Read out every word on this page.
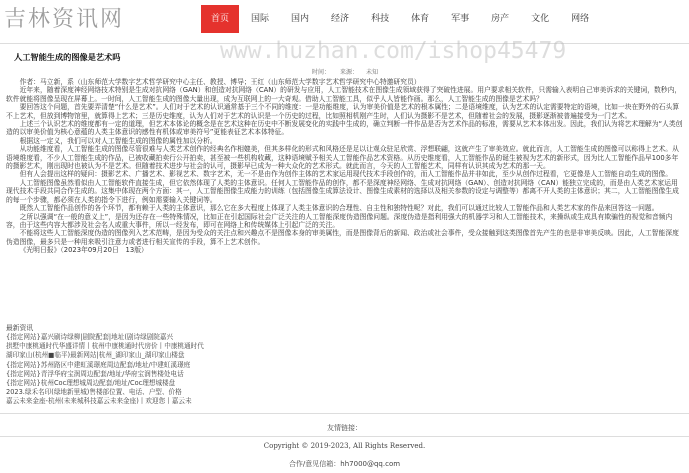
吉林资讯网	首页	国际	国内	经济	科技	体育	军事	房产	文化	网络
www.huzhan.com/ishop45479
人工智能生成的图像是艺术吗
时间： 来源： 未知

作者：马立新，系（山东师范大学数字艺术哲学研究中心主任、教授、博导；王红（山东师范大学数字艺术哲学研究中心特邀研究员）

近年来，随着深度神经网络技术特别是生成对抗网络（GAN）和创造对抗网络（CAN）的研发与应用，人工智能技术在图像生成领域获得了突破性进展。用户要求相关软件，只需输入表明自己审美诉求的关键词，数秒内，软件就能将图像呈现在屏幕上。一时间，人工智能生成的图像大量出现，成为互联网上的一大奇观。借助人工智能工具，似乎人人皆能作画。那么，人工智能生成的图像是艺术吗？

要回答这个问题，首先要弄清楚“什么是艺术”。人们对于艺术的认识通常基于三个不同的维度：一是功能维度，认为审美价值是艺术的根本属性；二是语境维度，认为艺术的认定需要特定的语境，比如一块在野外的石头算不上艺术，但放到博物馆里，就算得上艺术；三是历史维度，认为人们对于艺术的认识是一个历史的过程，比如照相机刚产生时，人们认为摄影不是艺术，但随着社会的发展，摄影逐渐被普遍接受为一门艺术。

上述三个认识艺术的维度都有一定的道理，但艺术本体论的概念是在艺术这种在历史中不断发展变化的实践中生成的，确立判断一件作品是否为艺术作品的标准，需要从艺术本体出发。因此，我们认为将艺术理解为“人类创造的以审美价值为核心意蕴的人类主体意识的感性有机体或审美符号”更能表征艺术本体特征。

根据这一定义，我们可以对人工智能生成的图像的属性加以分析。

从功能维度看，人工智能生成的图像尽管很难与人类艺术创作的经典名作相媲美，但其多样化的形式和风格还是足以让观众驻足欣赏、浮想联翩，这就产生了审美效应。就此而言，人工智能生成的图像可以称得上艺术。从语境维度看，不少人工智能生成的作品，已被收藏拍卖行公开拍卖，甚至被一些机构收藏，这种语境赋予相关人工智能作品艺术资格。从历史维度看，人工智能作品的诞生被视为艺术的新形式，因为比人工智能作品早100多年的摄影艺术，刚出现时也被认为不是艺术。但随着技术进步与社会的认可，摄影早已成为一种大众化的艺术形式。就此而言，今天的人工智能艺术，同样有认识其成为艺术的那一天。

但有人会提出这样的疑问：摄影艺术、广播艺术、影视艺术、数字艺术，无一不是由作为创作主体的艺术家运用现代技术手段创作的，而人工智能作品并非如此，至少从创作过程看，它更像是人工智能自动生成的图像。

人工智能图像虽然看似由人工智能软件直接生成，但它依然体现了人类的主体意识。任何人工智能作品的创作，都不是深度神经网络、生成对抗网络（GAN）、创造对抗网络（CAN）能独立完成的，而是由人类艺术家运用现代技术手段共同合作生成的。这集中体现在两个方面：其一，人工智能图像生成能力的训练（包括图像生成算法设计、图像生成素材的选择以及相关参数的设定与调整等）都离不开人类的主体意识；其二，人工智能图像生成的每一个步骤，都必须在人类的指令下进行，例如需要输入关键词等。

既然人工智能作品创作的各个环节，都有赖于人类的主体意识，那么它在多大程度上体现了人类主体意识的合理性、自主性和独特性呢？对此，我们可以通过比较人工智能作品和人类艺术家的作品来回答这一问题。

之所以强调“在一般的意义上”，是因为还存在一些特殊情况，比如正在引起国际社会广泛关注的人工智能深度伪造图像问题。深度伪造是指利用强大的机器学习和人工智能技术，来操纵或生成具有欺骗性的视觉和音频内容，由于这些内容大都涉及社会名人或重大事件，所以一经发布，即可在网络上和传统媒体上引起广泛的关注。

不能将这些人工智能深度伪造的图像列入艺术范畴，是因为受众的关注点和兴趣点不是图像本身的审美属性，而是图像背后的新闻、政治或社会事件，受众接触到这类图像首先产生的也是非审美反映。因此，人工智能深度伪造图像，最多只是一种用来吸引注意力或者进行相关宣传的手段，算不上艺术创作。

《光明日报》（2023年09月20日　13版）

最新资讯
{指定网站}嘉兴刷诗绿柳|剧院配套|地址(剧诗绿剧院嘉兴
拱墅中康桃通时代华盛详情丨杭州中康桃通时代房价丨中康桃通时代
湖印家山(杭州■临平)最新网站|杭州_湖印家山_湖印家山楼盘
{指定网站}苏州路区中建虹溪璟庭周边配套/地址/中建虹溪璟庭
{指定网站}青浮华府宝润周边配套/地址/华府宝润售楼处电话
{指定网站}杭州Coc理想城周边配套/地址/Coc理想城楼盘
2023.绿禾名印(绿地新里城)售楼部位置、电话、户型、价格
嘉云未来金座-杭州(未来城科技嘉云未来金座)丨欢迎您丨嘉云未
友情链接：
Copyright © 2019-2023, All Rights Reserved.
合作/意见信箱：hh7000@qq.com
